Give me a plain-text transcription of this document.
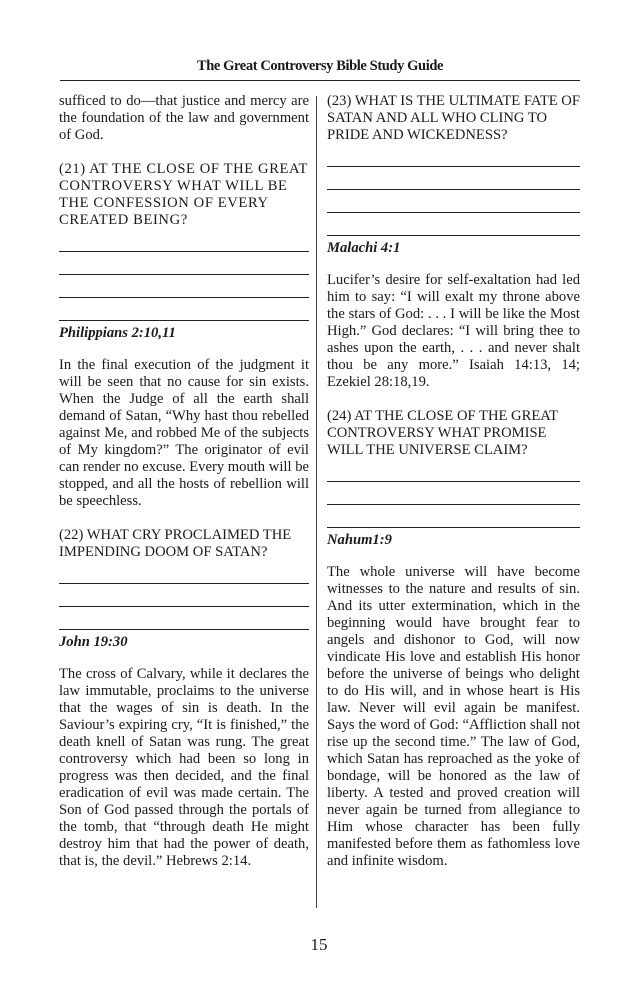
The Great Controversy Bible Study Guide

sufficed to do—that justice and mercy are the foundation of the law and government of God.

(21) AT THE CLOSE OF THE GREAT CONTROVERSY WHAT WILL BE THE CONFESSION OF EVERY CREATED BEING?

Philippians 2:10,11

In the final execution of the judgment it will be seen that no cause for sin exists. When the Judge of all the earth shall demand of Satan, “Why hast thou rebelled against Me, and robbed Me of the subjects of My kingdom?” The originator of evil can render no excuse. Every mouth will be stopped, and all the hosts of rebellion will be speechless.

(22) WHAT CRY PROCLAIMED THE IMPENDING DOOM OF SATAN?

John 19:30

The cross of Calvary, while it declares the law immutable, proclaims to the universe that the wages of sin is death. In the Saviour’s expiring cry, “It is finished,” the death knell of Satan was rung. The great controversy which had been so long in progress was then decided, and the final eradication of evil was made certain. The Son of God passed through the portals of the tomb, that “through death He might destroy him that had the power of death, that is, the devil.” Hebrews 2:14.

(23) WHAT IS THE ULTIMATE FATE OF SATAN AND ALL WHO CLING TO PRIDE AND WICKEDNESS?

Malachi 4:1

Lucifer’s desire for self-exaltation had led him to say: “I will exalt my throne above the stars of God: . . . I will be like the Most High.” God declares: “I will bring thee to ashes upon the earth, . . . and never shalt thou be any more.” Isaiah 14:13, 14; Ezekiel 28:18,19.

(24) AT THE CLOSE OF THE GREAT CONTROVERSY WHAT PROMISE WILL THE UNIVERSE CLAIM?

Nahum1:9

The whole universe will have become witnesses to the nature and results of sin. And its utter extermination, which in the beginning would have brought fear to angels and dishonor to God, will now vindicate His love and establish His honor before the universe of beings who delight to do His will, and in whose heart is His law. Never will evil again be manifest. Says the word of God: “Affliction shall not rise up the second time.” The law of God, which Satan has reproached as the yoke of bondage, will be honored as the law of liberty. A tested and proved creation will never again be turned from allegiance to Him whose character has been fully manifested before them as fathomless love and infinite wisdom.

15
